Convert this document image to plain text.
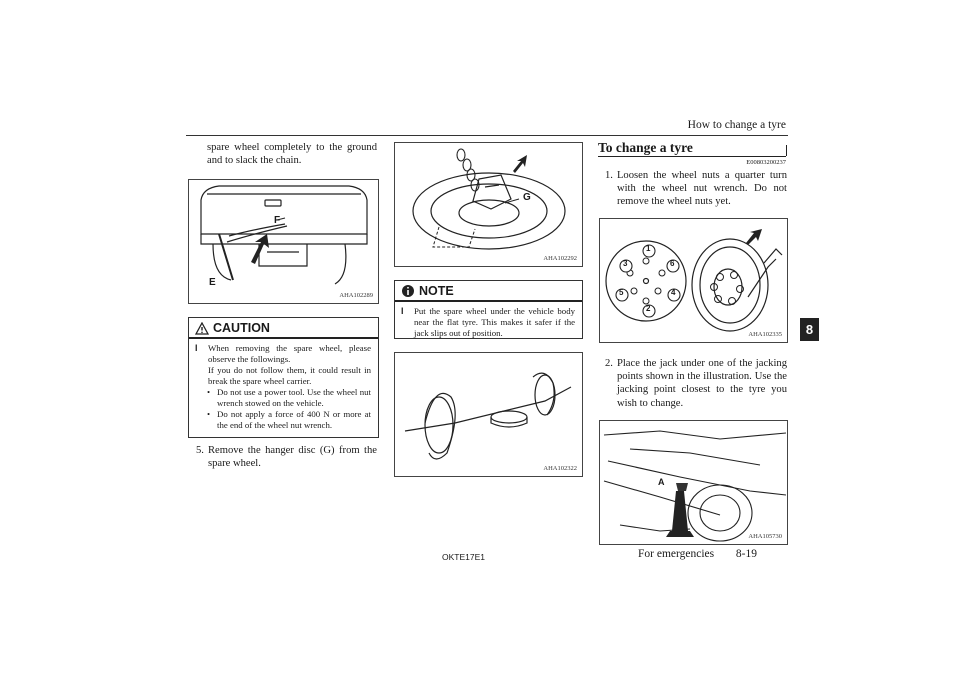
How to change a tyre
8
spare wheel completely to the ground and to slack the chain.
E
F
AHA102289
CAUTION
l	When removing the spare wheel, please observe the followings.

If you do not follow them, it could result in break the spare wheel carrier.

• Do not use a power tool. Use the wheel nut wrench stowed on the vehicle.

• Do not apply a force of 400 N or more at the end of the wheel nut wrench.

5. Remove the hanger disc (G) from the spare wheel.
G
AHA102292
NOTE
l	Put the spare wheel under the vehicle body near the flat tyre. This makes it safer if the jack slips out of position.

AHA102322
To change a tyre
E00803200237
1. Loosen the wheel nuts a quarter turn with the wheel nut wrench. Do not remove the wheel nuts yet.
1
2
3
4
5
6
AHA102335
2. Place the jack under one of the jacking points shown in the illustration. Use the jacking point closest to the tyre you wish to change.
A
AHA105730
OKTE17E1	For emergencies 8-19
